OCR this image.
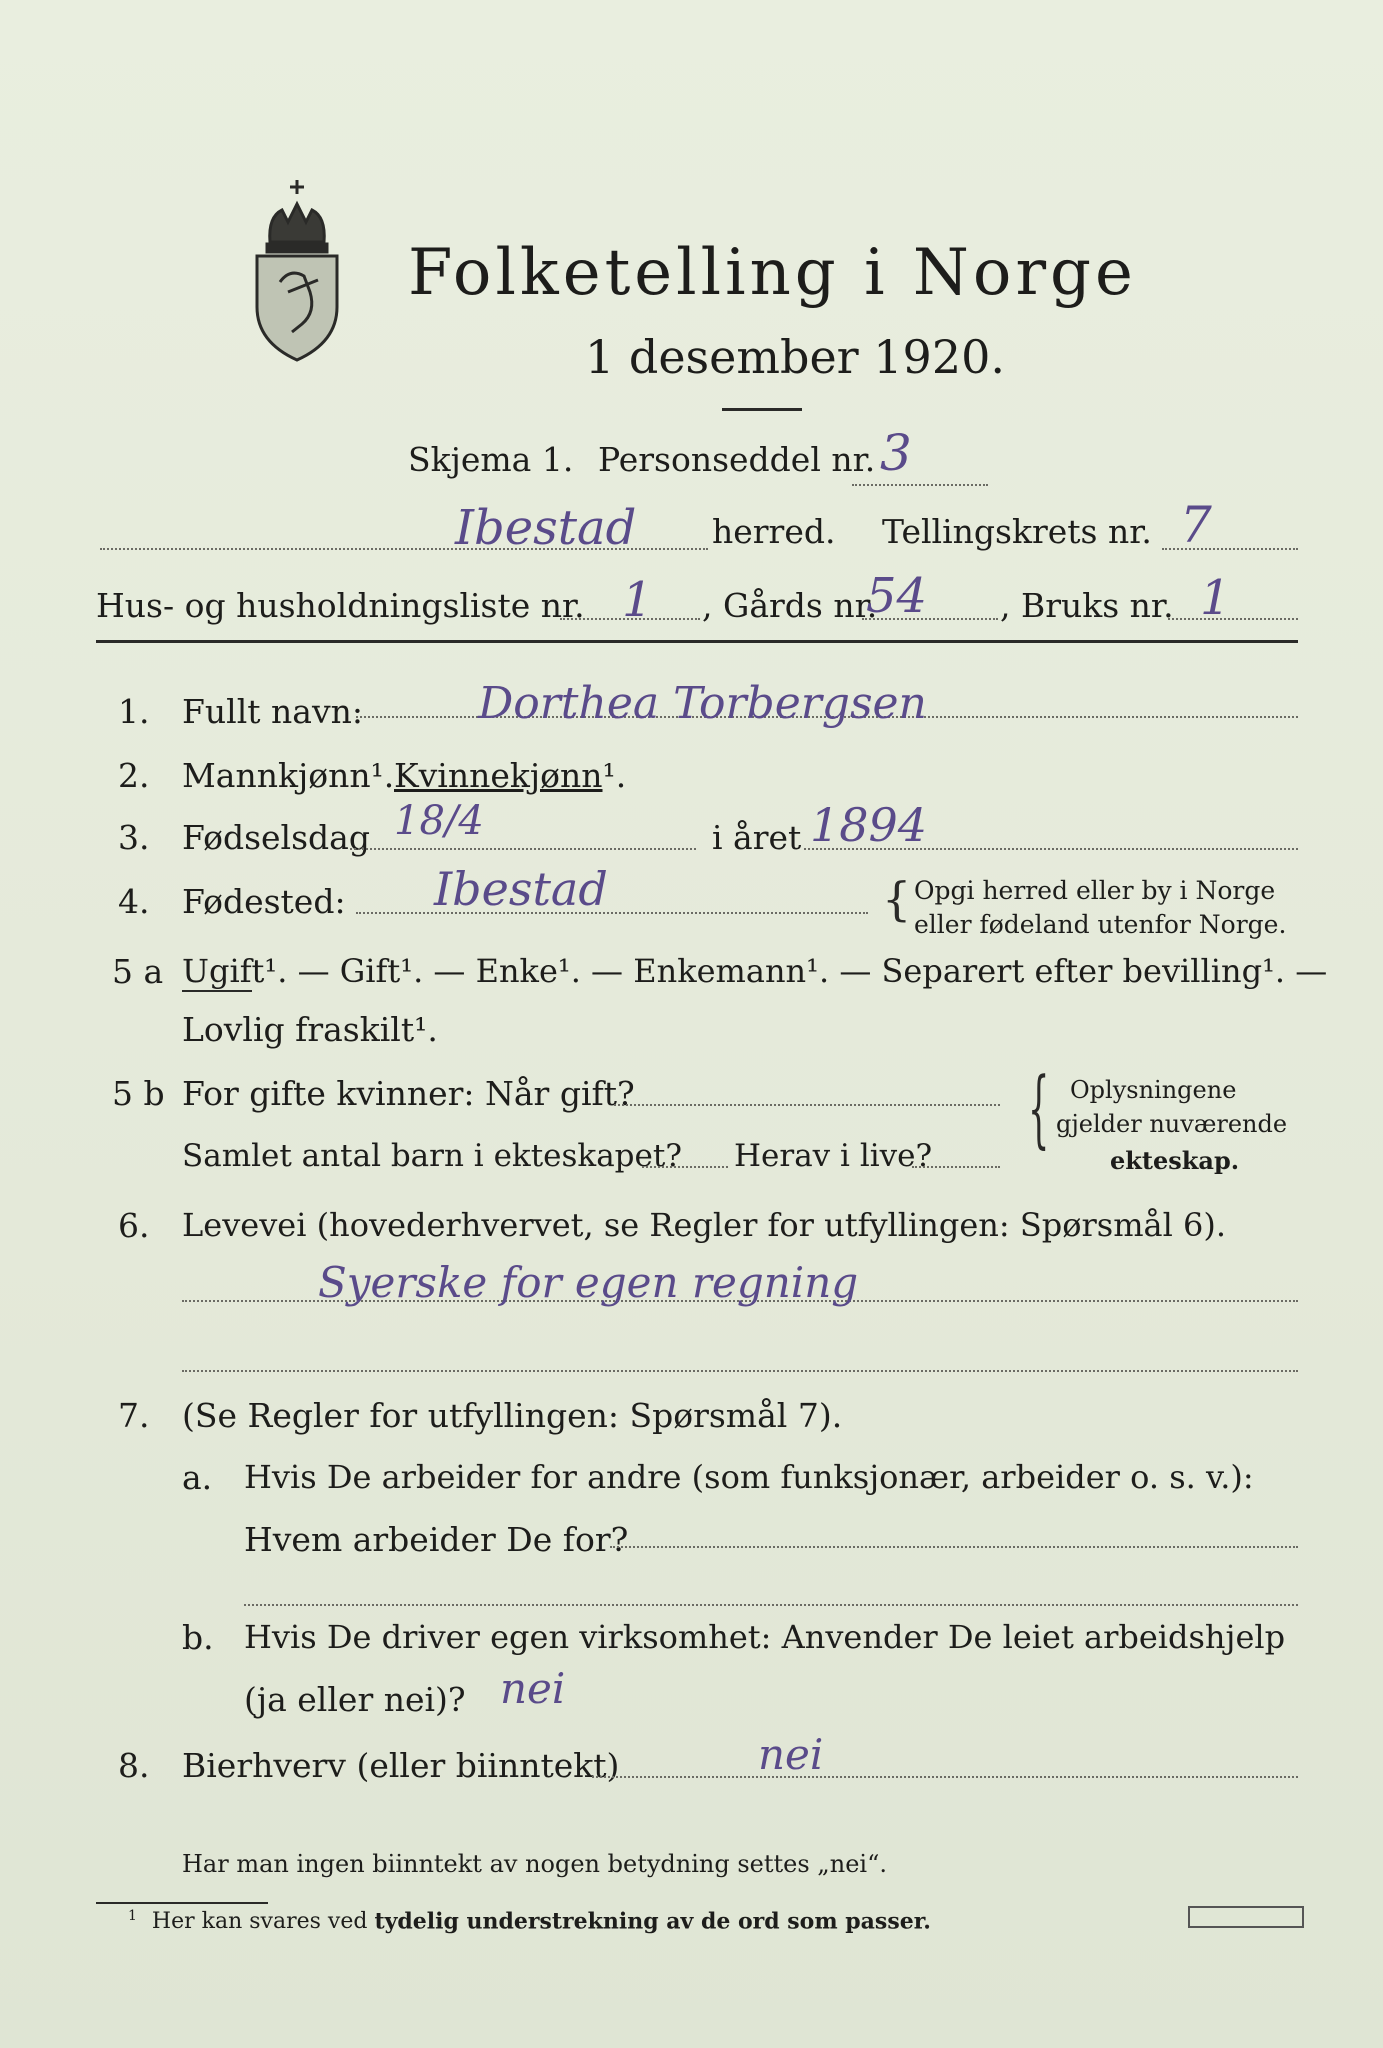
Folketelling i Norge
1 desember 1920.
Skjema 1. Personseddel nr. 3
Ibestad herred. Tellingskrets nr. 7
Hus- og husholdningsliste nr. 1 , Gårds nr.
54 , Bruks nr. 1
1. Fullt navn:	Dorthea Torbergsen
2. Mannkjønn¹. Kvinnekjønn¹.
3. Fødselsdag 18/4	i året 1894
4. Fødested: Ibestad	{ Opgi herred eller by i Norge
eller fødeland utenfor Norge.
5 a Ugift¹. — Gift¹. — Enke¹. — Enkemann¹. — Separert efter bevilling¹. —
Lovlig fraskilt¹.
5 b For gifte kvinner: Når gift?
Samlet antal barn i ekteskapet? Herav i live? { Oplysningene
gjelder nuværende
ekteskap.
6. Levevei (hovederhvervet, se Regler for utfyllingen: Spørsmål 6).
Syerske for egen regning
7. (Se Regler for utfyllingen: Spørsmål 7).
a. Hvis De arbeider for andre (som funksjonær, arbeider o. s. v.):
Hvem arbeider De for?
b. Hvis De driver egen virksomhet: Anvender De leiet arbeidshjelp
(ja eller nei)? nei
8. Bierhverv (eller biinntekt)	nei
Har man ingen biinntekt av nogen betydning settes „nei“.
$^1$ Her kan svares ved tydelig understrekning av de ord som passer.
